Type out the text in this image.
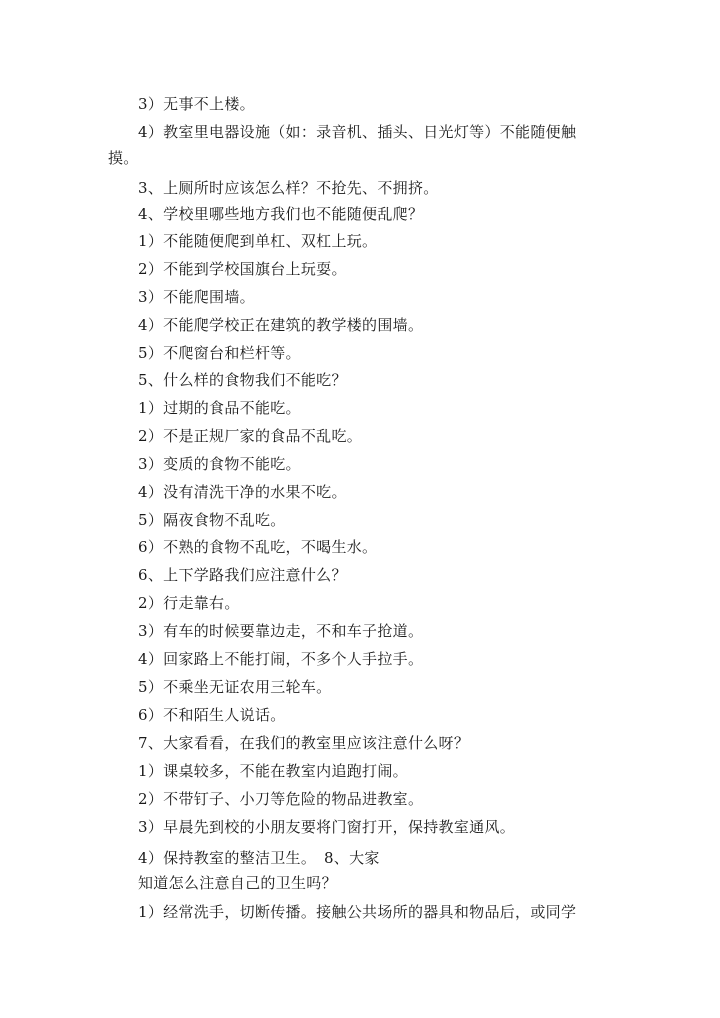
3）无事不上楼。
4）教室里电器设施（如：录音机、插头、日光灯等）不能随便触
摸。
3、上厕所时应该怎么样？不抢先、不拥挤。
4、学校里哪些地方我们也不能随便乱爬？
1）不能随便爬到单杠、双杠上玩。
2）不能到学校国旗台上玩耍。
3）不能爬围墙。
4）不能爬学校正在建筑的教学楼的围墙。
5）不爬窗台和栏杆等。
5、什么样的食物我们不能吃？
1）过期的食品不能吃。
2）不是正规厂家的食品不乱吃。
3）变质的食物不能吃。
4）没有清洗干净的水果不吃。
5）隔夜食物不乱吃。
6）不熟的食物不乱吃，不喝生水。
6、上下学路我们应注意什么？
2）行走靠右。
3）有车的时候要靠边走，不和车子抢道。
4）回家路上不能打闹，不多个人手拉手。
5）不乘坐无证农用三轮车。
6）不和陌生人说话。
7、大家看看，在我们的教室里应该注意什么呀？
1）课桌较多，不能在教室内追跑打闹。
2）不带钉子、小刀等危险的物品进教室。
3）早晨先到校的小朋友要将门窗打开，保持教室通风。
4）保持教室的整洁卫生。　8、大家
知道怎么注意自己的卫生吗？
1）经常洗手，切断传播。接触公共场所的器具和物品后，或同学
